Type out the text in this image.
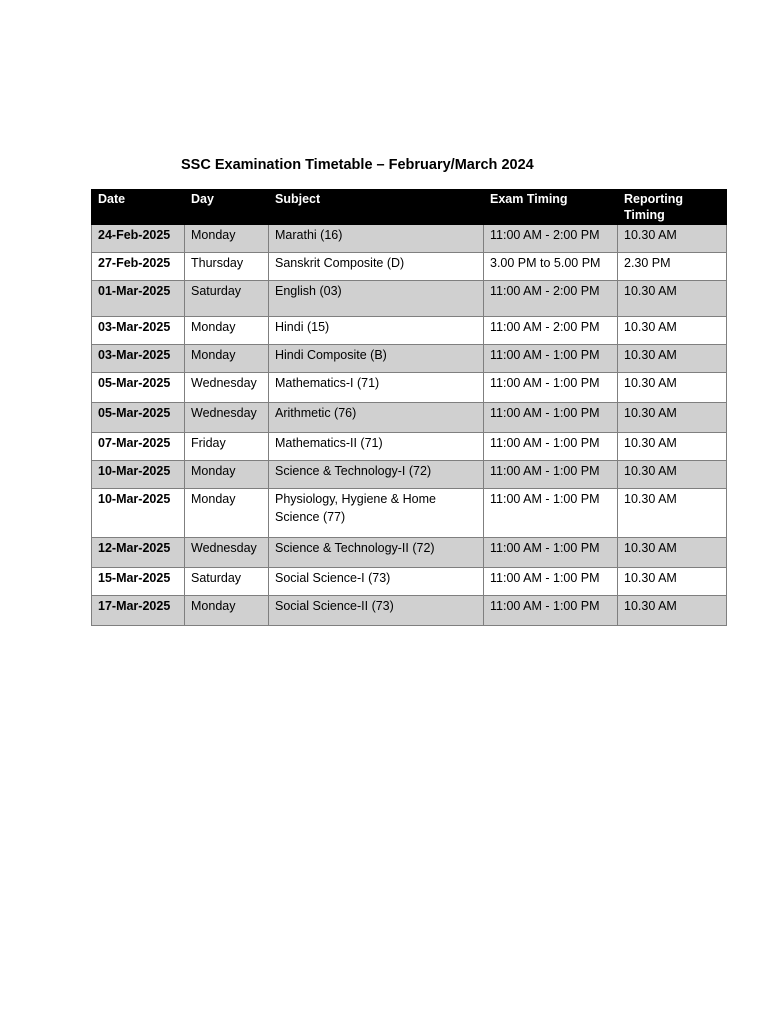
SSC Examination Timetable – February/March 2024
Date	Day	Subject	Exam Timing	Reporting Timing
24-Feb-2025	Monday	Marathi (16)	11:00 AM - 2:00 PM	10.30 AM
27-Feb-2025	Thursday	Sanskrit Composite (D)	3.00 PM to 5.00 PM	2.30 PM
01-Mar-2025	Saturday	English (03)	11:00 AM - 2:00 PM	10.30 AM
03-Mar-2025	Monday	Hindi (15)	11:00 AM - 2:00 PM	10.30 AM
03-Mar-2025	Monday	Hindi Composite (B)	11:00 AM - 1:00 PM	10.30 AM
05-Mar-2025	Wednesday	Mathematics-I (71)	11:00 AM - 1:00 PM	10.30 AM
05-Mar-2025	Wednesday	Arithmetic (76)	11:00 AM - 1:00 PM	10.30 AM
07-Mar-2025	Friday	Mathematics-II (71)	11:00 AM - 1:00 PM	10.30 AM
10-Mar-2025	Monday	Science & Technology-I (72)	11:00 AM - 1:00 PM	10.30 AM
10-Mar-2025	Monday	Physiology, Hygiene & Home Science (77)	11:00 AM - 1:00 PM	10.30 AM
12-Mar-2025	Wednesday	Science & Technology-II (72)	11:00 AM - 1:00 PM	10.30 AM
15-Mar-2025	Saturday	Social Science-I (73)	11:00 AM - 1:00 PM	10.30 AM
17-Mar-2025	Monday	Social Science-II (73)	11:00 AM - 1:00 PM	10.30 AM
